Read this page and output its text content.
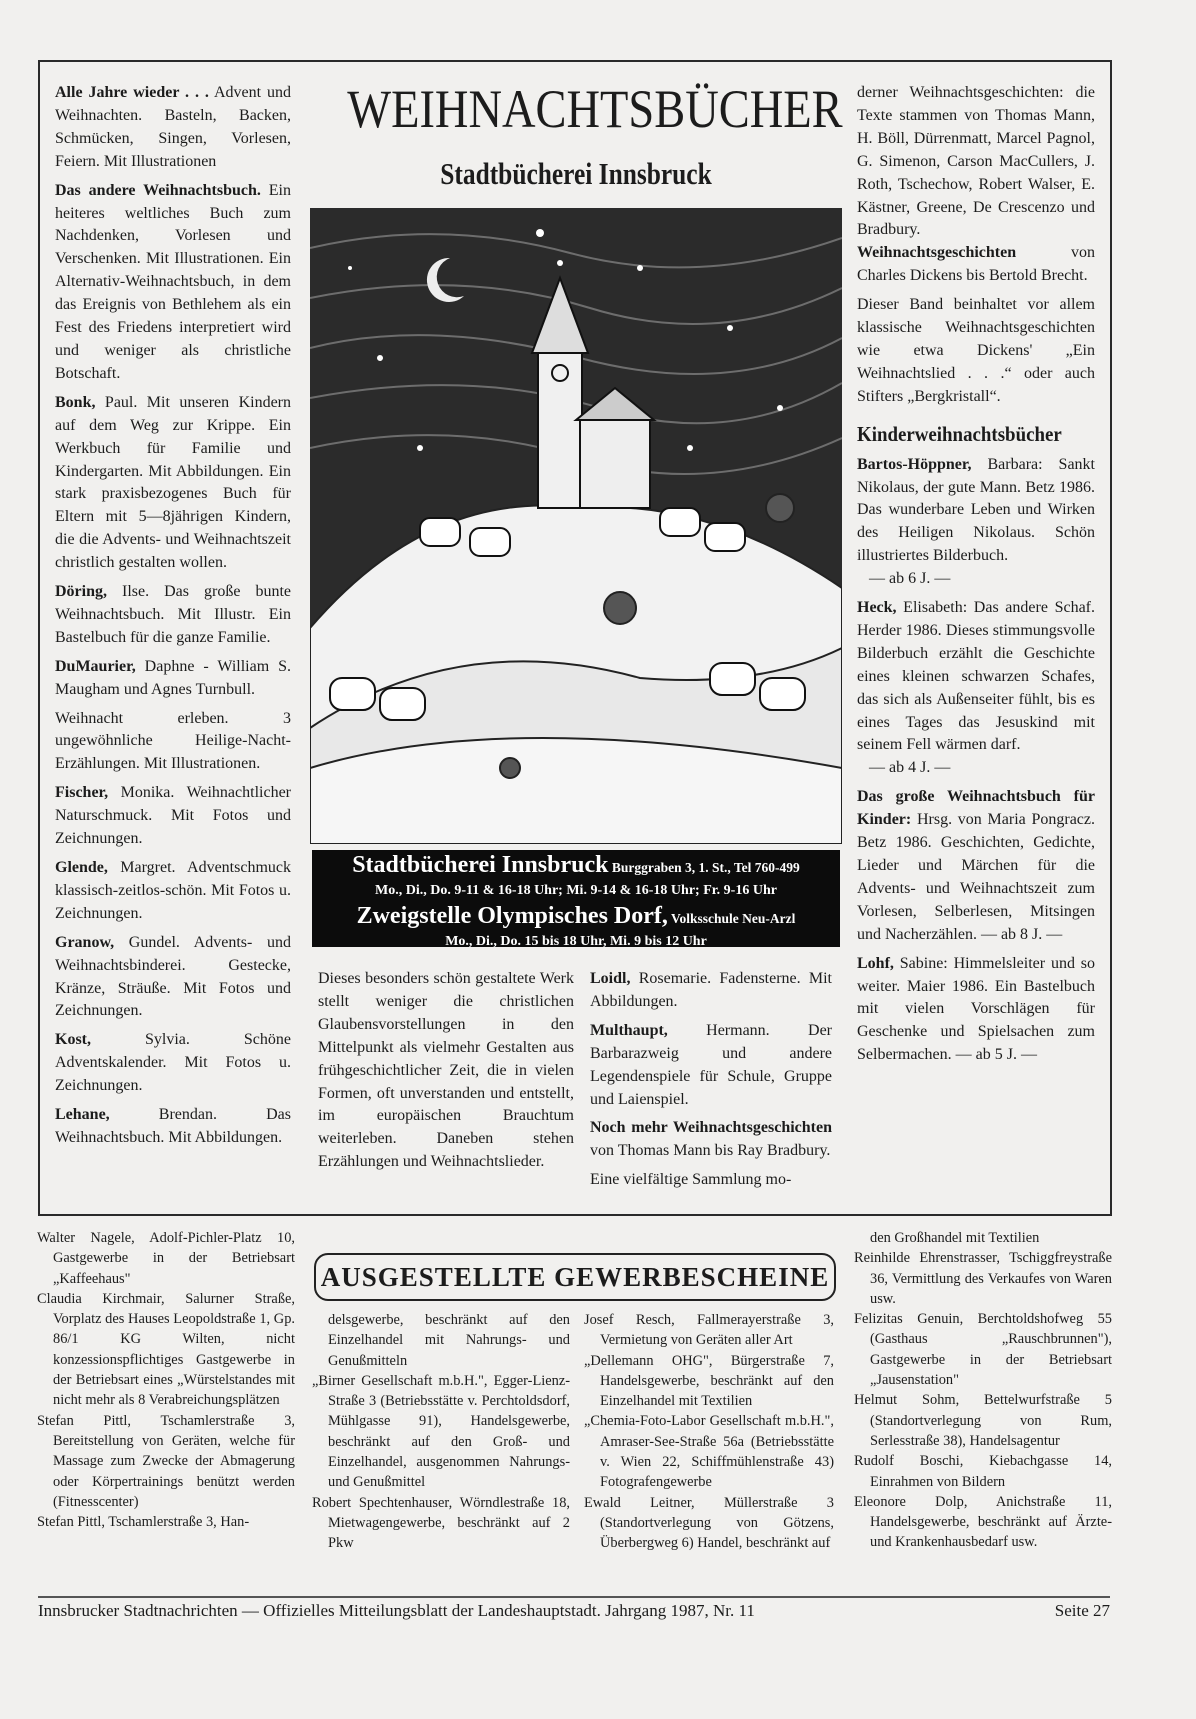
Alle Jahre wieder . . . Advent und Weihnachten. Basteln, Backen, Schmücken, Singen, Vorlesen, Feiern. Mit Illustrationen

Das andere Weihnachtsbuch. Ein heiteres weltliches Buch zum Nachdenken, Vorlesen und Verschenken. Mit Illustrationen. Ein Alternativ-Weihnachtsbuch, in dem das Ereignis von Bethlehem als ein Fest des Friedens interpretiert wird und weniger als christliche Botschaft.

Bonk, Paul. Mit unseren Kindern auf dem Weg zur Krippe. Ein Werkbuch für Familie und Kindergarten. Mit Abbildungen. Ein stark praxisbezogenes Buch für Eltern mit 5—8jährigen Kindern, die die Advents- und Weihnachtszeit christlich gestalten wollen.

Döring, Ilse. Das große bunte Weihnachtsbuch. Mit Illustr. Ein Bastelbuch für die ganze Familie.

DuMaurier, Daphne - William S. Maugham und Agnes Turnbull.

Weihnacht erleben. 3 ungewöhnliche Heilige-Nacht-Erzählungen. Mit Illustrationen.

Fischer, Monika. Weihnachtlicher Naturschmuck. Mit Fotos und Zeichnungen.

Glende, Margret. Adventschmuck klassisch-zeitlos-schön. Mit Fotos u. Zeichnungen.

Granow, Gundel. Advents- und Weihnachtsbinderei. Gestecke, Kränze, Sträuße. Mit Fotos und Zeichnungen.

Kost, Sylvia. Schöne Adventskalender. Mit Fotos u. Zeichnungen.

Lehane, Brendan. Das Weihnachtsbuch. Mit Abbildungen.

WEIHNACHTSBÜCHER
Stadtbücherei Innsbruck
Stadtbücherei Innsbruck Burggraben 3, 1. St., Tel 760-499
Mo., Di., Do. 9-11 & 16-18 Uhr; Mi. 9-14 & 16-18 Uhr; Fr. 9-16 Uhr
Zweigstelle Olympisches Dorf, Volksschule Neu-Arzl
Mo., Di., Do. 15 bis 18 Uhr, Mi. 9 bis 12 Uhr

Dieses besonders schön gestaltete Werk stellt weniger die christlichen Glaubensvorstellungen in den Mittelpunkt als vielmehr Gestalten aus frühgeschichtlicher Zeit, die in vielen Formen, oft unverstanden und entstellt, im europäischen Brauchtum weiterleben. Daneben stehen Erzählungen und Weihnachtslieder.

Loidl, Rosemarie. Fadensterne. Mit Abbildungen.

Multhaupt, Hermann. Der Barbarazweig und andere Legendenspiele für Schule, Gruppe und Laienspiel.

Noch mehr Weihnachtsgeschichten von Thomas Mann bis Ray Bradbury.

Eine vielfältige Sammlung mo-

derner Weihnachtsgeschichten: die Texte stammen von Thomas Mann, H. Böll, Dürrenmatt, Marcel Pagnol, G. Simenon, Carson MacCullers, J. Roth, Tschechow, Robert Walser, E. Kästner, Greene, De Crescenzo und Bradbury.

Weihnachtsgeschichten von Charles Dickens bis Bertold Brecht.

Dieser Band beinhaltet vor allem klassische Weihnachtsgeschichten wie etwa Dickens' „Ein Weihnachtslied . . .“ oder auch Stifters „Bergkristall“.

Kinderweihnachtsbücher

Bartos-Höppner, Barbara: Sankt Nikolaus, der gute Mann. Betz 1986. Das wunderbare Leben und Wirken des Heiligen Nikolaus. Schön illustriertes Bilderbuch.

— ab 6 J. —

Heck, Elisabeth: Das andere Schaf. Herder 1986. Dieses stimmungsvolle Bilderbuch erzählt die Geschichte eines kleinen schwarzen Schafes, das sich als Außenseiter fühlt, bis es eines Tages das Jesuskind mit seinem Fell wärmen darf.

— ab 4 J. —

Das große Weihnachtsbuch für Kinder: Hrsg. von Maria Pongracz. Betz 1986. Geschichten, Gedichte, Lieder und Märchen für die Advents- und Weihnachtszeit zum Vorlesen, Selberlesen, Mitsingen und Nacherzählen. — ab 8 J. —

Lohf, Sabine: Himmelsleiter und so weiter. Maier 1986. Ein Bastelbuch mit vielen Vorschlägen für Geschenke und Spielsachen zum Selbermachen. — ab 5 J. —

AUSGESTELLTE GEWERBESCHEINE

Walter Nagele, Adolf-Pichler-Platz 10, Gastgewerbe in der Betriebsart „Kaffeehaus"

Claudia Kirchmair, Salurner Straße, Vorplatz des Hauses Leopoldstraße 1, Gp. 86/1 KG Wilten, nicht konzessionspflichtiges Gastgewerbe in der Betriebsart eines „Würstelstandes mit nicht mehr als 8 Verabreichungsplätzen

Stefan Pittl, Tschamlerstraße 3, Bereitstellung von Geräten, welche für Massage zum Zwecke der Abmagerung oder Körpertrainings benützt werden (Fitnesscenter)

Stefan Pittl, Tschamlerstraße 3, Han-

delsgewerbe, beschränkt auf den Einzelhandel mit Nahrungs- und Genußmitteln

„Birner Gesellschaft m.b.H.", Egger-Lienz-Straße 3 (Betriebsstätte v. Perchtoldsdorf, Mühlgasse 91), Handelsgewerbe, beschränkt auf den Groß- und Einzelhandel, ausgenommen Nahrungs- und Genußmittel

Robert Spechtenhauser, Wörndlestraße 18, Mietwagengewerbe, beschränkt auf 2 Pkw

Josef Resch, Fallmerayerstraße 3, Vermietung von Geräten aller Art

„Dellemann OHG", Bürgerstraße 7, Handelsgewerbe, beschränkt auf den Einzelhandel mit Textilien

„Chemia-Foto-Labor Gesellschaft m.b.H.", Amraser-See-Straße 56a (Betriebsstätte v. Wien 22, Schiffmühlenstraße 43) Fotografengewerbe

Ewald Leitner, Müllerstraße 3 (Standortverlegung von Götzens, Überbergweg 6) Handel, beschränkt auf

den Großhandel mit Textilien

Reinhilde Ehrenstrasser, Tschiggfreystraße 36, Vermittlung des Verkaufes von Waren usw.

Felizitas Genuin, Berchtoldshofweg 55 (Gasthaus „Rauschbrunnen"), Gastgewerbe in der Betriebsart „Jausenstation"

Helmut Sohm, Bettelwurfstraße 5 (Standortverlegung von Rum, Serlesstraße 38), Handelsagentur

Rudolf Boschi, Kiebachgasse 14, Einrahmen von Bildern

Eleonore Dolp, Anichstraße 11, Handelsgewerbe, beschränkt auf Ärzte- und Krankenhausbedarf usw.

Innsbrucker Stadtnachrichten — Offizielles Mitteilungsblatt der Landeshauptstadt. Jahrgang 1987, Nr. 11	Seite 27
